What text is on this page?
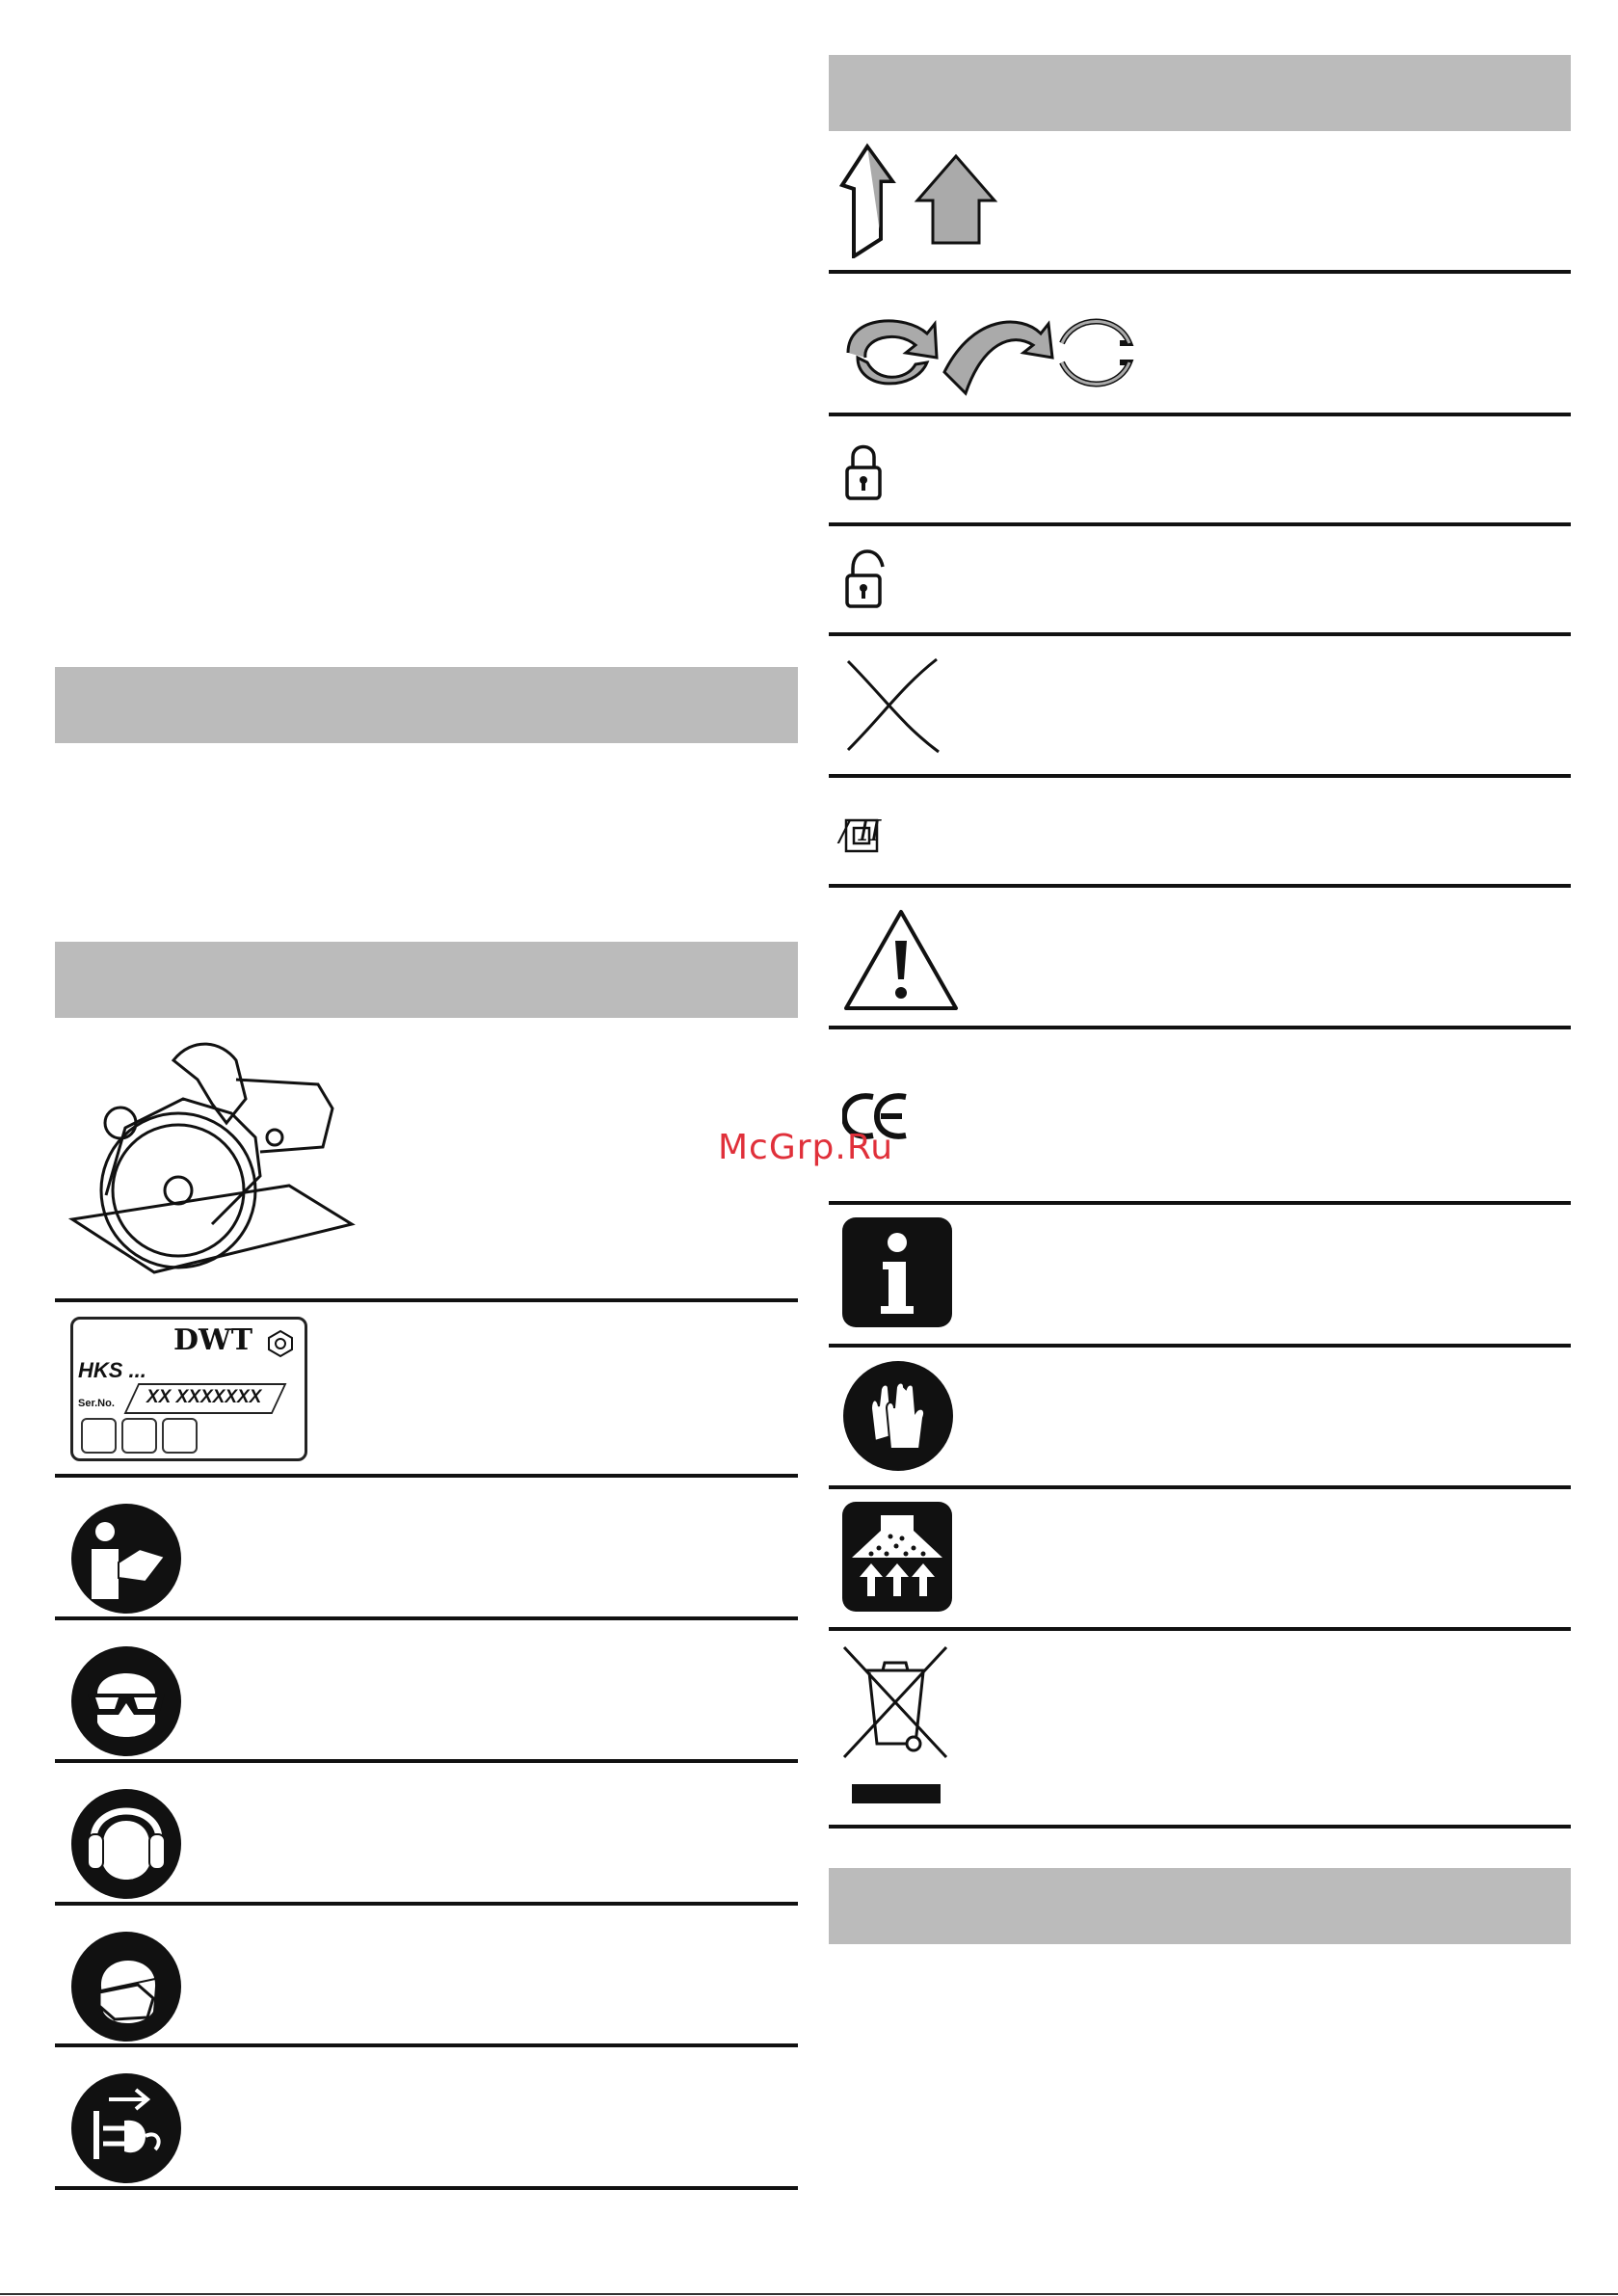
DWT
HKS ...
Ser.No. XX XXXXXXX
/ II
McGrp.Ru
